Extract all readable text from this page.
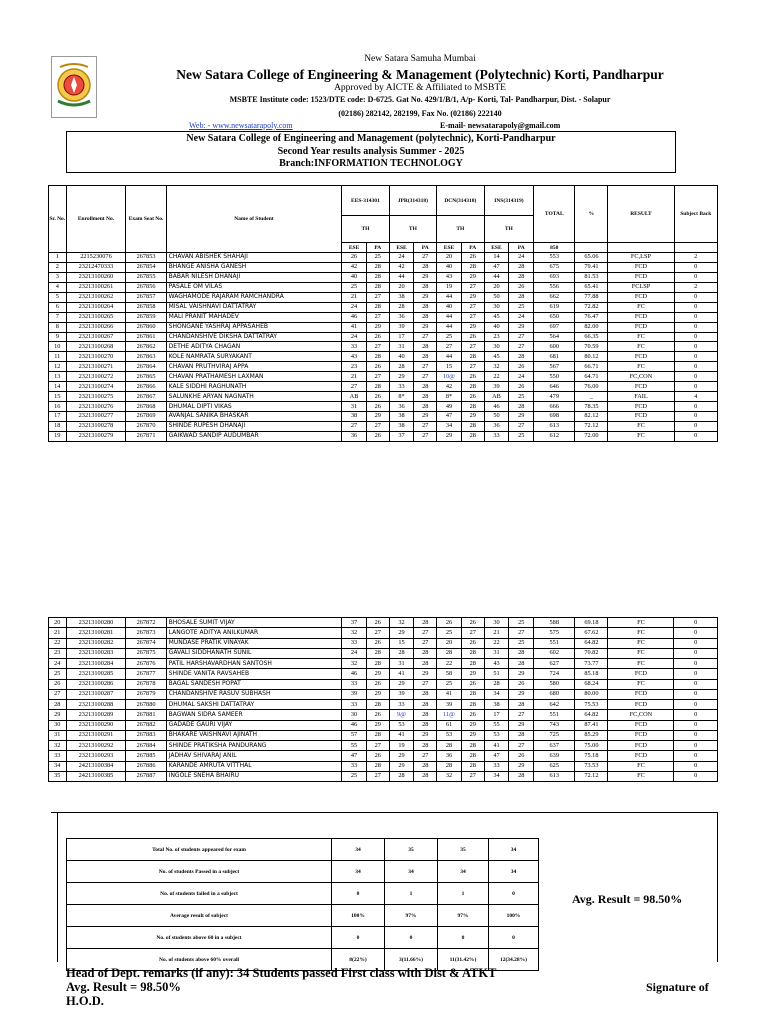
New Satara Samuha Mumbai
New Satara College of Engineering & Management (Polytechnic) Korti, Pandharpur
Approved by AICTE & Affiliated to MSBTE
MSBTE Institute code: 1523/DTE code: D-6725. Gat No. 429/1/B/1, A/p- Korti, Tal- Pandharpur, Dist. - Solapur
(02186) 282142, 282199, Fax No. (02186) 222140
Web: - www.newsatarapoly.com	E-mail- newsatarapoly@gmail.com
New Satara College of Engineering and Management (polytechnic), Korti-Pandharpur
Second Year results analysis Summer - 2025
Branch:INFORMATION TECHNOLOGY
Sr. No.	Enrollment No.	Exam Seat No.	Name of Student	EES-314301		JPR(314318)		DCN(314318)		INS(314319)		TOTAL	%	RESULT	Subject Back
				TH		TH		TH		TH					
				ESE	PA	ESE	PA	ESE	PA	ESE	PA	850			
1	2215230076	267853	CHAVAN ABISHEK SHAHAJI	26	25	24	27	20	26	14	24	553	65.06	FC,LSP	2
2	23212470333	267854	BHANGE ANISHA GANESH	42	28	42	28	40	28	47	28	675	79.41	FCD	0
3	23213100260	267855	BABAR NILESH DHANAJI	40	28	44	29	43	29	44	28	693	81.53	FCD	0
4	23213100261	267856	PASALE OM VILAS	25	28	20	28	19	27	20	26	556	65.41	FCLSP	2
5	23213100262	267857	WAGHAMODE RAJARAM RAMCHANDRA	21	27	38	29	44	29	50	28	662	77.88	FCD	0
6	23213100264	267858	MISAL VAISHNAVI DATTATRAY	24	28	28	28	40	27	30	25	619	72.82	FC	0
7	23213100265	267859	MALI PRANIT MAHADEV	46	27	36	28	44	27	45	24	650	76.47	FCD	0
8	23213100266	267860	SHONGANE YASHRAJ APPASAHEB	41	29	39	29	44	29	40	29	697	82.00	FCD	0
9	23213100267	267861	CHANDANSHIVE DIKSHA DATTATRAY	24	26	17	27	25	26	23	27	564	66.35	FC	0
10	23213100268	267862	DETHE ADITYA CHAGAN	33	27	31	28	27	27	30	27	600	70.59	FC	0
11	23213100270	267863	KOLE NAMRATA SURYAKANT	43	28	40	28	44	28	45	28	681	80.12	FCD	0
12	23213100271	267864	CHAVAN PRUTHVIRAJ APPA	23	26	28	27	15	27	32	26	567	66.71	FC	0
13	23213100272	267865	CHAVAN PRATHAMESH LAXMAN	21	27	29	27	10@	26	22	24	550	64.71	FC,CON	0
14	23213100274	267866	KALE SIDDHI RAGHUNATH	27	28	33	28	42	28	39	26	646	76.00	FCD	0
15	23213100275	267867	SALUNKHE ARYAN NAGNATH	AB	26	8*	28	8*	26	AB	25	479	_	FAIL	4
16	23213100276	267868	DHUMAL DIPTI VIKAS	31	26	36	28	49	28	46	28	666	78.35	FCD	0
17	23213100277	267869	AVANJAL SANIKA BHASKAR	38	29	38	29	47	29	50	29	698	82.12	FCD	0
18	23213100278	267870	SHINDE RUPESH DHANAJI	27	27	38	27	34	28	36	27	613	72.12	FC	0
19	23213100279	267871	GAIKWAD SANDIP AUDUMBAR	36	26	37	27	29	28	33	25	612	72.00	FC	0
20	23213100280	267872	BHOSALE SUMIT VIJAY	37	26	32	28	26	26	30	25	588	69.18	FC	0
21	23213100281	267873	LANGOTE ADITYA ANILKUMAR	32	27	29	27	25	27	21	27	575	67.62	FC	0
22	23213100282	267874	MUNDASE PRATIK VINAYAK	33	26	15	27	20	26	22	25	551	64.82	FC	0
23	23213100283	267875	GAVALI SIDDHANATH SUNIL	24	28	28	28	28	28	31	28	602	70.82	FC	0
24	23213100284	267876	PATIL HARSHAVARDHAN SANTOSH	32	28	31	28	22	28	43	28	627	73.77	FC	0
25	23213100285	267877	SHINDE VANITA RAVSAHEB	46	29	41	29	58	29	51	29	724	85.18	FCD	0
26	23213100286	267878	BAGAL SANDESH POPAT	33	26	29	27	25	26	28	26	580	68.24	FC	0
27	23213100287	267879	CHANDANSHIVE RASUV SUBHASH	39	29	39	28	41	28	34	29	680	80.00	FCD	0
28	23213100288	267880	DHUMAL SAKSHI DATTATRAY	33	28	33	28	39	28	38	28	642	75.53	FCD	0
29	23213100289	267881	BAGWAN SIDRA SAMEER	30	26	9@	28	11@	26	17	27	551	64.82	FC,CON	0
30	23213100290	267882	GADADE GAURI VIJAY	46	29	53	28	61	29	55	29	743	87.41	FCD	0
31	23213100291	267883	BHAKARE VAISHNAVI AJINATH	57	28	41	29	53	29	53	28	725	85.29	FCD	0
32	23213100292	267884	SHINDE PRATIKSHA PANDURANG	55	27	19	28	28	28	41	27	637	75.00	FCD	0
33	23213100293	267885	JADHAV SHIVARAJ ANIL	47	26	29	27	36	28	47	26	639	75.18	FCD	0
34	24213100384	267886	KARANDE AMRUTA VITTHAL	33	28	29	28	28	28	33	29	625	73.53	FC	0
35	24213100385	267887	INGOLE SNEHA BHAIRU	25	27	28	28	32	27	34	28	613	72.12	FC	0
Total No. of students appeared for exam	34	35	35	34
No. of students Passed in a subject	34	34	34	34
No. of students failed in a subject	0	1	1	0
Average result of subject	100%	97%	97%	100%
No. of students above 60 in a subject	0	0	0	0
No. of students above 60% overall	8(22%)	3(11.66%)	11(31.42%)	12(34.28%)
Avg. Result = 98.50%
Head of Dept. remarks (if any): 34 Students passed First class with Dist & ATKT
Avg. Result = 98.50%
H.O.D.
Signature of
